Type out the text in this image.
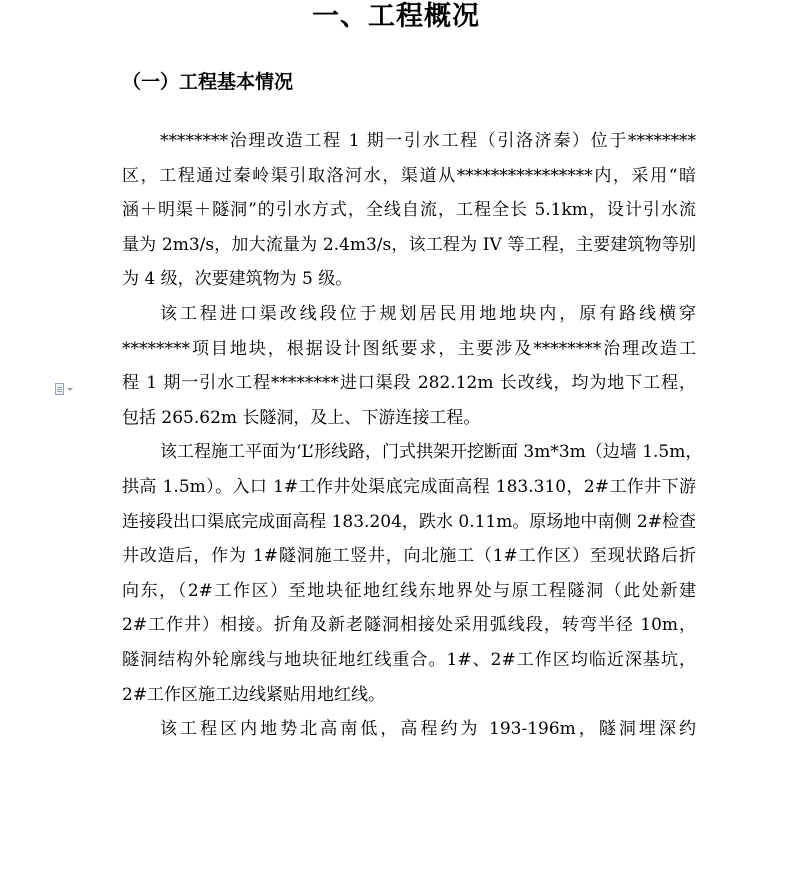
一、工程概况
（一）工程基本情况
********治理改造工程 1 期一引水工程（引洛济秦）位于********
区，工程通过秦岭渠引取洛河水，渠道从****************内，采用“暗
涵＋明渠＋隧洞”的引水方式，全线自流，工程全长 5.1km，设计引水流
量为 2m3/s，加大流量为 2.4m3/s，该工程为 IV 等工程，主要建筑物等别
为 4 级，次要建筑物为 5 级。
该工程进口渠改线段位于规划居民用地地块内，原有路线横穿
********项目地块，根据设计图纸要求，主要涉及********治理改造工
程 1 期一引水工程********进口渠段 282.12m 长改线，均为地下工程，
包括 265.62m 长隧洞，及上、下游连接工程。
该工程施工平面为‘L’形线路，门式拱架开挖断面 3m*3m（边墙 1.5m，
拱高 1.5m）。入口 1#工作井处渠底完成面高程 183.310，2#工作井下游
连接段出口渠底完成面高程 183.204，跌水 0.11m。原场地中南侧 2#检查
井改造后，作为 1#隧洞施工竖井，向北施工（1#工作区）至现状路后折
向东，（2#工作区）至地块征地红线东地界处与原工程隧洞（此处新建
2#工作井）相接。折角及新老隧洞相接处采用弧线段，转弯半径 10m，
隧洞结构外轮廓线与地块征地红线重合。1#、2#工作区均临近深基坑，
2#工作区施工边线紧贴用地红线。
该工程区内地势北高南低，高程约为 193-196m，隧洞埋深约
